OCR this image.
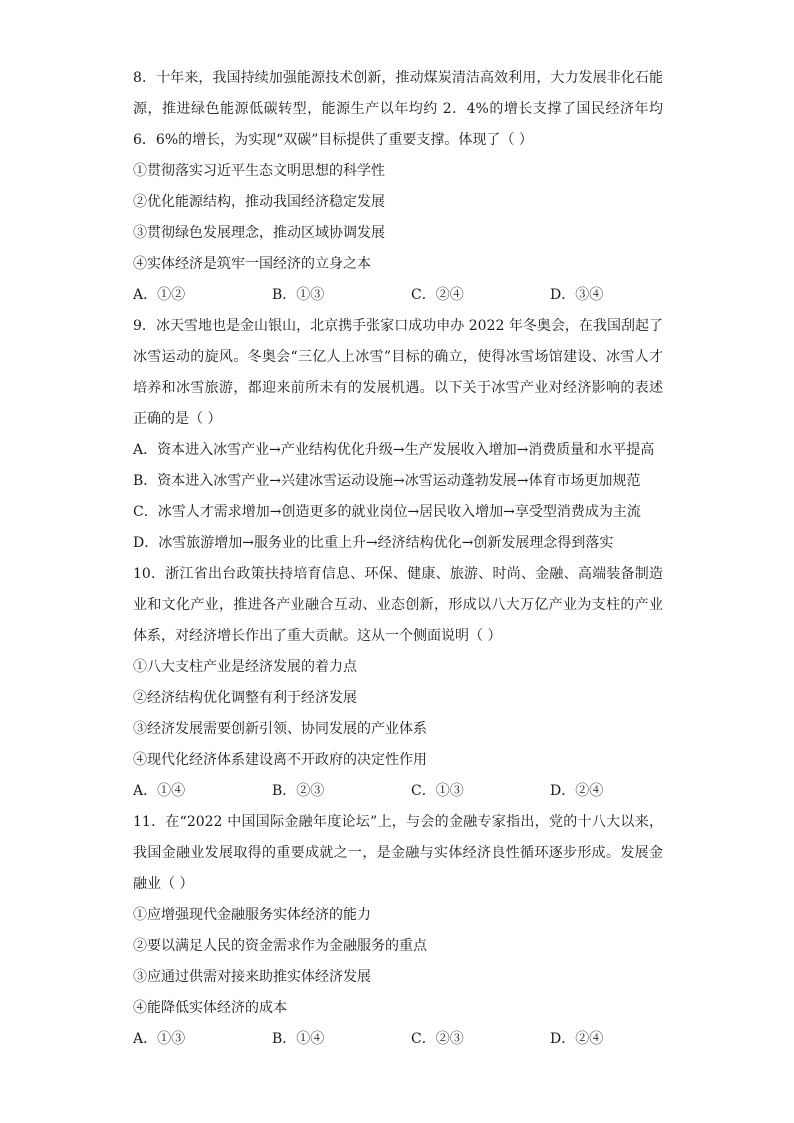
8．十年来，我国持续加强能源技术创新，推动煤炭清洁高效利用，大力发展非化石能源，推进绿色能源低碳转型，能源生产以年均约 2．4%的增长支撑了国民经济年均 6．6%的增长，为实现“双碳”目标提供了重要支撑。体现了（ ）
①贯彻落实习近平生态文明思想的科学性
②优化能源结构，推动我国经济稳定发展
③贯彻绿色发展理念，推动区域协调发展
④实体经济是筑牢一国经济的立身之本
A．①②	B．①③	C．②④	D．③④
9．冰天雪地也是金山银山，北京携手张家口成功申办 2022 年冬奥会，在我国刮起了冰雪运动的旋风。冬奥会“三亿人上冰雪”目标的确立，使得冰雪场馆建设、冰雪人才培养和冰雪旅游，都迎来前所未有的发展机遇。以下关于冰雪产业对经济影响的表述正确的是（ ）
A．资本进入冰雪产业→产业结构优化升级→生产发展收入增加→消费质量和水平提高
B．资本进入冰雪产业→兴建冰雪运动设施→冰雪运动蓬勃发展→体育市场更加规范
C．冰雪人才需求增加→创造更多的就业岗位→居民收入增加→享受型消费成为主流
D．冰雪旅游增加→服务业的比重上升→经济结构优化→创新发展理念得到落实
10．浙江省出台政策扶持培育信息、环保、健康、旅游、时尚、金融、高端装备制造业和文化产业，推进各产业融合互动、业态创新，形成以八大万亿产业为支柱的产业体系，对经济增长作出了重大贡献。这从一个侧面说明（ ）
①八大支柱产业是经济发展的着力点
②经济结构优化调整有利于经济发展
③经济发展需要创新引领、协同发展的产业体系
④现代化经济体系建设离不开政府的决定性作用
A．①④	B．②③	C．①③	D．②④
11．在“2022 中国国际金融年度论坛”上，与会的金融专家指出，党的十八大以来，我国金融业发展取得的重要成就之一，是金融与实体经济良性循环逐步形成。发展金融业（ ）
①应增强现代金融服务实体经济的能力
②要以满足人民的资金需求作为金融服务的重点
③应通过供需对接来助推实体经济发展
④能降低实体经济的成本
A．①③	B．①④	C．②③	D．②④
